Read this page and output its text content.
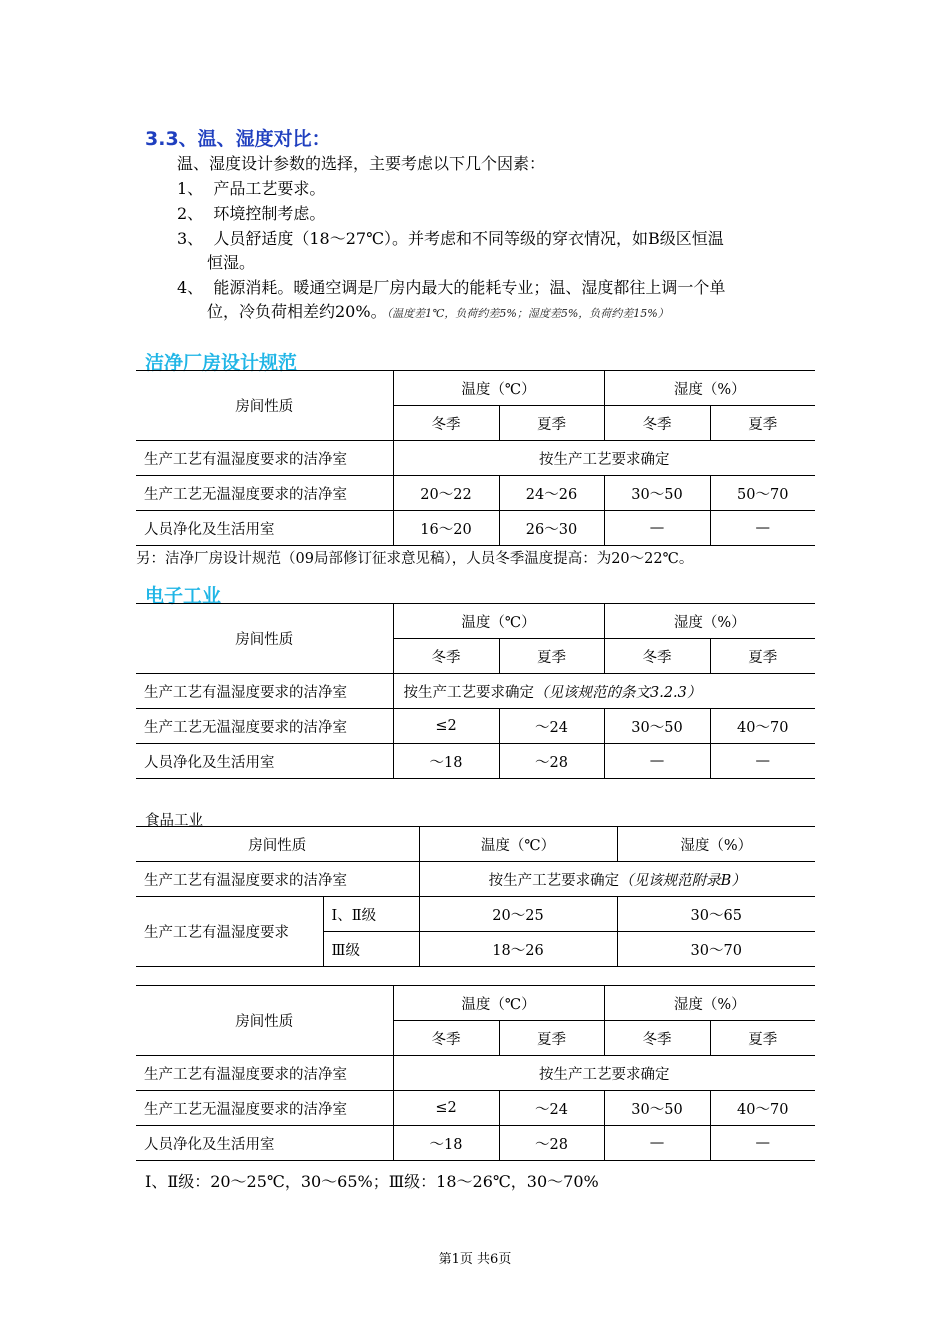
3.3、温、湿度对比：
温、湿度设计参数的选择，主要考虑以下几个因素：
1、 产品工艺要求。
2、 环境控制考虑。
3、 人员舒适度（18～27℃）。并考虑和不同等级的穿衣情况，如B级区恒温
恒湿。
4、 能源消耗。暖通空调是厂房内最大的能耗专业；温、湿度都往上调一个单
位，冷负荷相差约20%。（温度差1℃，负荷约差5%；湿度差5%，负荷约差15%）
洁净厂房设计规范
房间性质	温度（℃）		湿度（%）	
	冬季	夏季	冬季	夏季
生产工艺有温湿度要求的洁净室	按生产工艺要求确定			
生产工艺无温湿度要求的洁净室	20～22	24～26	30～50	50～70
人员净化及生活用室	16～20	26～30	—	—
另：洁净厂房设计规范（09局部修订征求意见稿），人员冬季温度提高：为20～22℃。
电子工业
房间性质	温度（℃）		湿度（%）	
	冬季	夏季	冬季	夏季
生产工艺有温湿度要求的洁净室	按生产工艺要求确定（见该规范的条文3.2.3）			
生产工艺无温湿度要求的洁净室	≤2	～24	30～50	40～70
人员净化及生活用室	～18	～28	—	—
食品工业
房间性质		温度（℃）	湿度（%）
生产工艺有温湿度要求的洁净室		按生产工艺要求确定（见该规范附录B）	
生产工艺有温湿度要求	Ⅰ、Ⅱ级	20～25	30～65
	Ⅲ级	18～26	30～70
房间性质	温度（℃）		湿度（%）	
	冬季	夏季	冬季	夏季
生产工艺有温湿度要求的洁净室	按生产工艺要求确定			
生产工艺无温湿度要求的洁净室	≤2	～24	30～50	40～70
人员净化及生活用室	～18	～28	—	—
Ⅰ、Ⅱ级：20～25℃，30～65%；Ⅲ级：18～26℃，30～70%
第1页 共6页
